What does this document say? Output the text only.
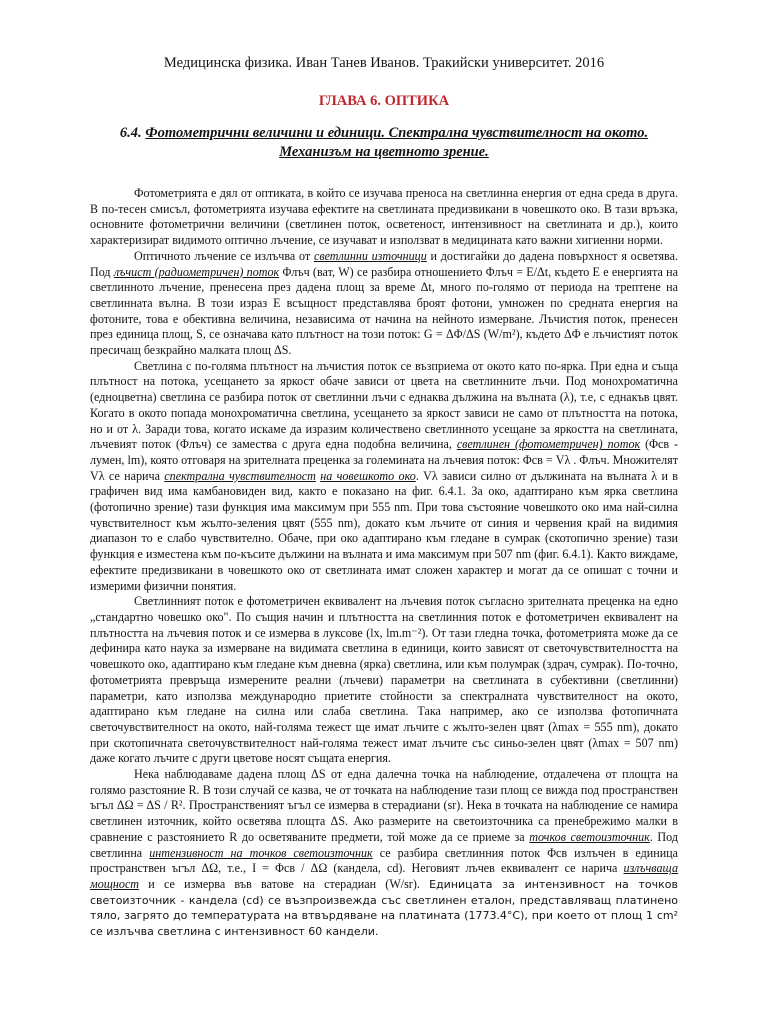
Медицинска физика. Иван Танев Иванов. Тракийски университет. 2016
ГЛАВА 6. ОПТИКА
6.4. Фотометрични величини и единици. Спектрална чувствителност на окото.
Механизъм на цветното зрение.

Фотометрията е дял от оптиката, в който се изучава преноса на светлинна енергия от една среда в друга. В по-тесен смисъл, фотометрията изучава ефектите на светлината предизвикани в човешкото око. В тази връзка, основните фотометрични величини (светлинен поток, осветеност, интензивност на светлината и др.), които характеризират видимото оптично лъчение, се изучават и използват в медицината като важни хигиенни норми.

Оптичното лъчение се излъчва от светлинни източници и достигайки до дадена повърхност я осветява. Под лъчист (радиометричен) поток Φлъч (ват, W) се разбира отношението Φлъч = E/Δt, където E е енергията на светлинното лъчение, пренесена през дадена площ за време Δt, много по-голямо от периода на трептене на светлинната вълна. В този израз E всъщност представлява броят фотони, умножен по средната енергия на фотоните, това е обективна величина, независима от начина на нейното измерване. Лъчистия поток, пренесен през единица площ, S, се означава като плътност на този поток: G = ΔΦ/ΔS (W/m²), където ΔΦ е лъчистият поток пресичащ безкрайно малката площ ΔS.

Светлина с по-голяма плътност на лъчистия поток се възприема от окото като по-ярка. При една и съща плътност на потока, усещането за яркост обаче зависи от цвета на светлинните лъчи. Под монохроматична (едноцветна) светлина се разбира поток от светлинни лъчи с еднаква дължина на вълната (λ), т.е, с еднакъв цвят. Когато в окото попада монохроматична светлина, усещането за яркост зависи не само от плътността на потока, но и от λ. Заради това, когато искаме да изразим количествено светлинното усещане за яркостта на светлината, лъчевият поток (Φлъч) се замества с друга една подобна величина, светлинен (фотометричен) поток (Φсв - лумен, lm), която отговаря на зрителната преценка за големината на лъчевия поток: Φсв = Vλ . Φлъч. Множителят Vλ се нарича спектрална чувствителност на човешкото око. Vλ зависи силно от дължината на вълната λ и в графичен вид има камбановиден вид, както е показано на фиг. 6.4.1. За око, адаптирано към ярка светлина (фотопично зрение) тази функция има максимум при 555 nm. При това състояние човешкото око има най-силна чувствителност към жълто-зеления цвят (555 nm), докато към лъчите от синия и червения край на видимия диапазон то е слабо чувствително. Обаче, при око адаптирано към гледане в сумрак (скотопично зрение) тази функция е изместена към по-късите дължини на вълната и има максимум при 507 nm (фиг. 6.4.1). Както виждаме, ефектите предизвикани в човешкото око от светлината имат сложен характер и могат да се опишат с точни и измерими физични понятия.

Светлинният поток е фотометричен еквивалент на лъчевия поток съгласно зрителната преценка на едно „стандартно човешко око". По същия начин и плътността на светлинния поток е фотометричен еквивалент на плътността на лъчевия поток и се измерва в луксове (lx, lm.m⁻²). От тази гледна точка, фотометрията може да се дефинира като наука за измерване на видимата светлина в единици, които зависят от светочувствителността на човешкото око, адаптирано към гледане към дневна (ярка) светлина, или към полумрак (здрач, сумрак). По-точно, фотометрията превръща измерените реални (лъчеви) параметри на светлината в субективни (светлинни) параметри, като използва международно приетите стойности за спектралната чувствителност на окото, адаптирано към гледане на силна или слаба светлина. Така например, ако се използва фотопичната светочувствителност на окото, най-голяма тежест ще имат лъчите с жълто-зелен цвят (λmax = 555 nm), докато при скотопичната светочувствителност най-голяма тежест имат лъчите със синьо-зелен цвят (λmax = 507 nm) даже когато лъчите с други цветове носят същата енергия.

Нека наблюдаваме дадена площ ΔS от една далечна точка на наблюдение, отдалечена от площта на голямо разстояние R. В този случай се казва, че от точката на наблюдение тази площ се вижда под пространствен ъгъл ΔΩ = ΔS / R². Пространственият ъгъл се измерва в стерадиани (sr). Нека в точката на наблюдение се намира светлинен източник, който осветява площта ΔS. Ако размерите на светоизточника са пренебрежимо малки в сравнение с разстоянието R до осветяваните предмети, той може да се приеме за точков светоизточник. Под светлинна интензивност на точков светоизточник се разбира светлинния поток Φсв излъчен в единица пространствен ъгъл ΔΩ, т.е., I = Φсв / ΔΩ (кандела, cd). Неговият лъчев еквивалент се нарича излъчваща мощност и се измерва във ватове на стерадиан (W/sr). Единицата за интензивност на точков светоизточник - кандела (cd) се възпроизвежда със светлинен еталон, представляващ платинено тяло, загрято до температурата на втвърдяване на платината (1773.4°С), при което от площ 1 cm² се излъчва светлина с интензивност 60 кандели.
